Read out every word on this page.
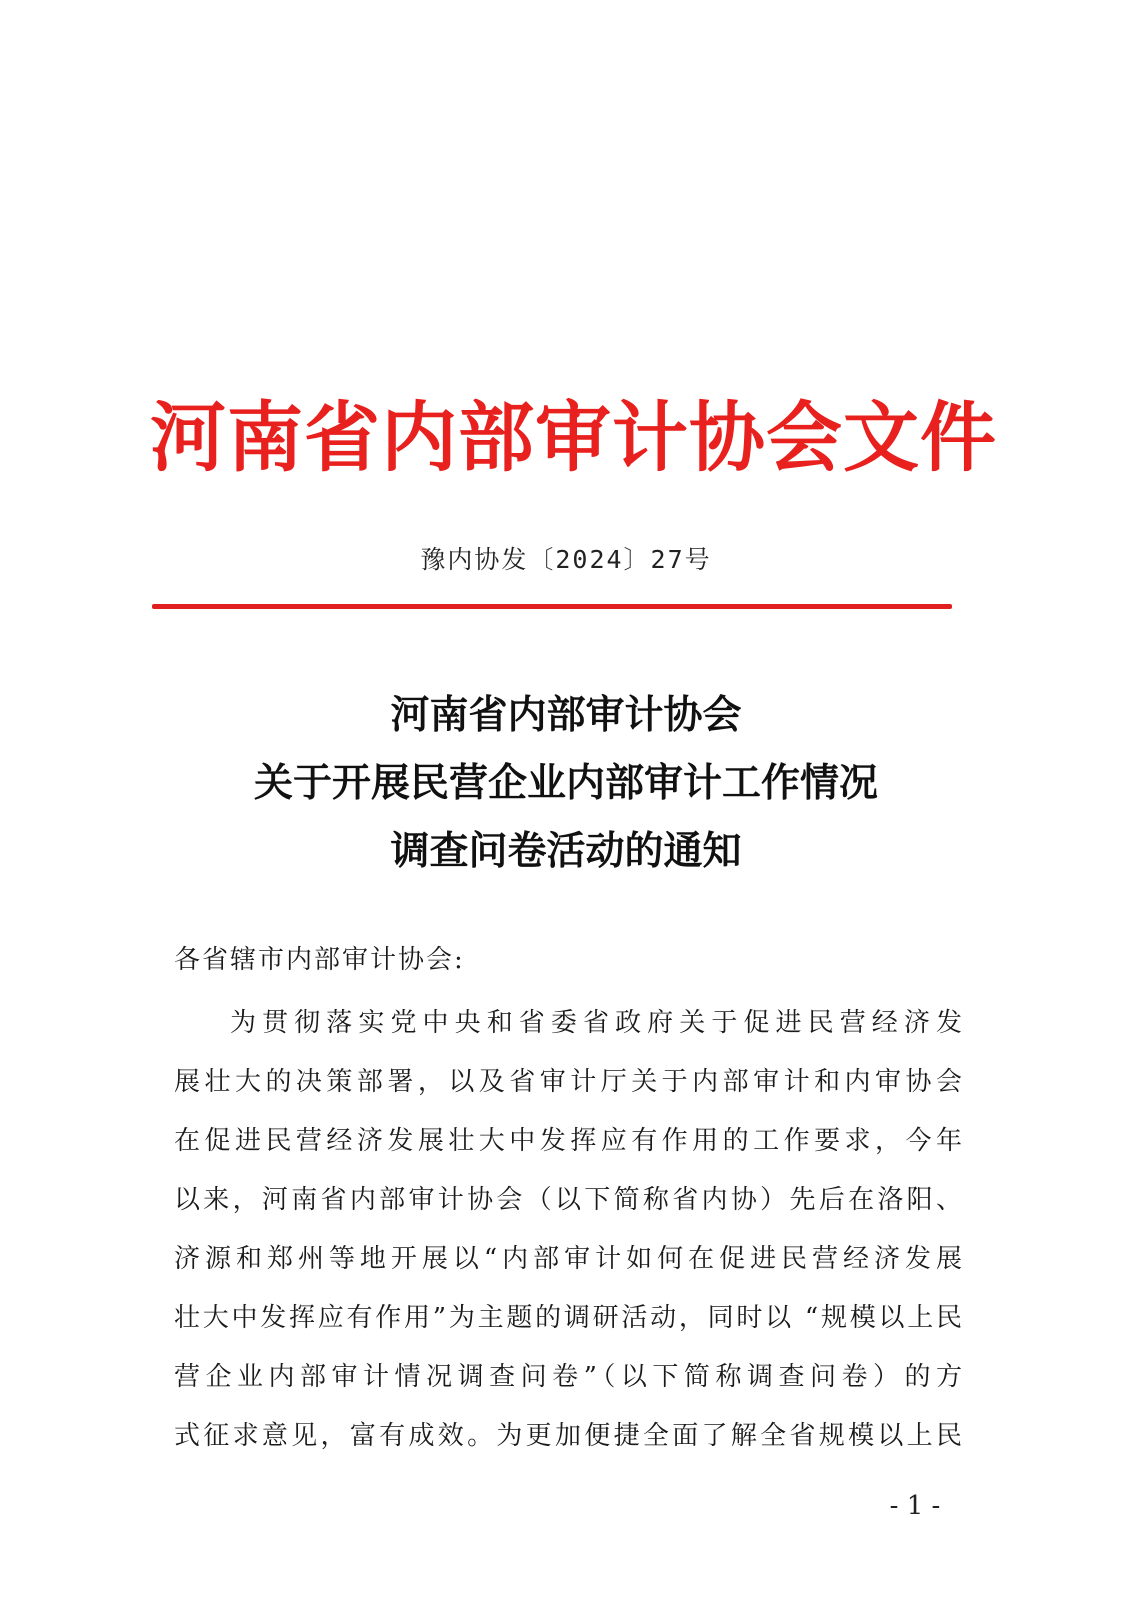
河南省内部审计协会文件
豫内协发〔2024〕27号
河南省内部审计协会
关于开展民营企业内部审计工作情况
调查问卷活动的通知
各省辖市内部审计协会:
为贯彻落实党中央和省委省政府关于促进民营经济发
展壮大的决策部署，以及省审计厅关于内部审计和内审协会
在促进民营经济发展壮大中发挥应有作用的工作要求，今年
以来，河南省内部审计协会（以下简称省内协）先后在洛阳、
济源和郑州等地开展以“内部审计如何在促进民营经济发展
壮大中发挥应有作用”为主题的调研活动，同时以 “规模以上民
营企业内部审计情况调查问卷”（以下简称调查问卷）的方
式征求意见，富有成效。为更加便捷全面了解全省规模以上民
- 1 -
